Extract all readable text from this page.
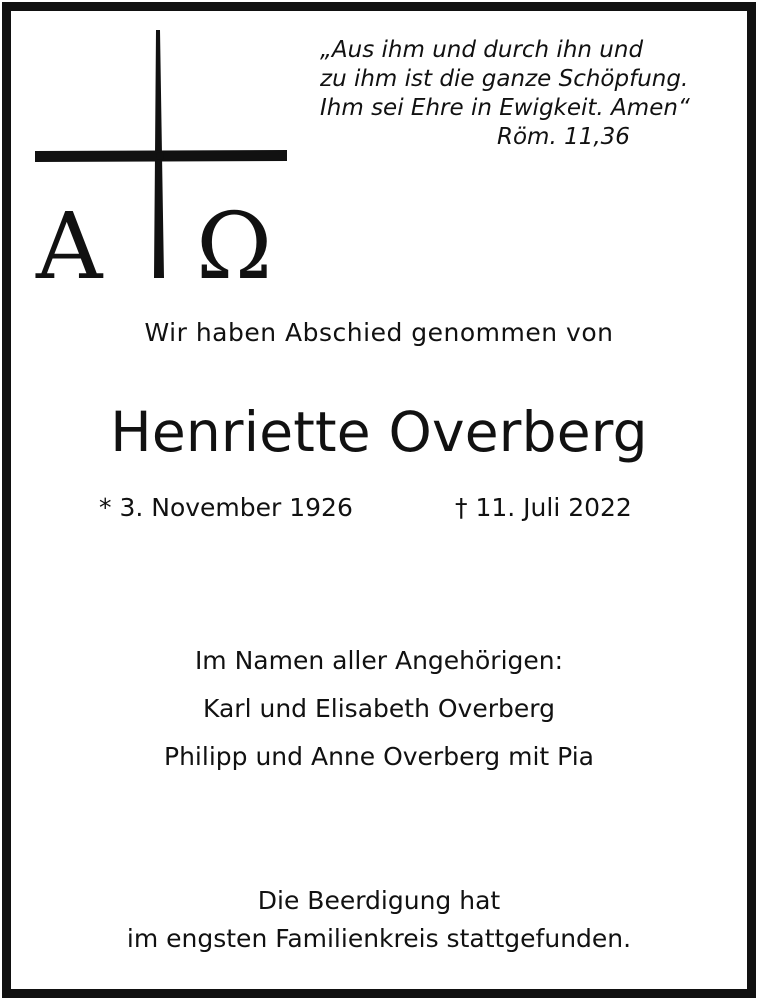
Α Ω
„Aus ihm und durch ihn und
zu ihm ist die ganze Schöpfung.
Ihm sei Ehre in Ewigkeit. Amen“
Röm. 11,36
Wir haben Abschied genommen von
Henriette Overberg
* 3. November 1926	† 11. Juli 2022
Im Namen aller Angehörigen:
Karl und Elisabeth Overberg
Philipp und Anne Overberg mit Pia
Die Beerdigung hat
im engsten Familienkreis stattgefunden.
